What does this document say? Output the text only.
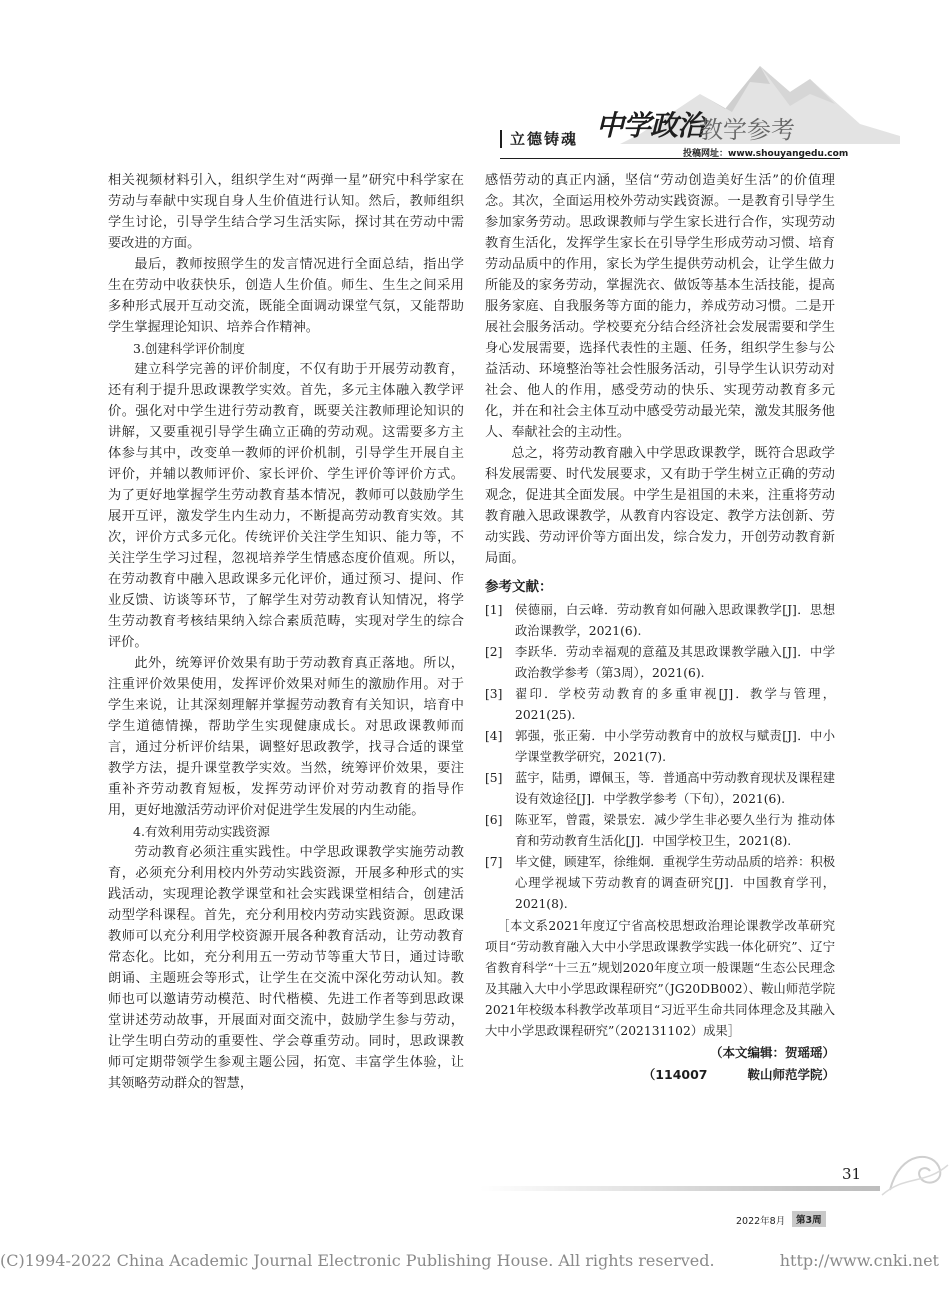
中学政治
教学参考
立德铸魂
投稿网址：www.shouyangedu.com

相关视频材料引入，组织学生对“两弹一星”研究中科学家在劳动与奉献中实现自身人生价值进行认知。然后，教师组织学生讨论，引导学生结合学习生活实际，探讨其在劳动中需要改进的方面。

最后，教师按照学生的发言情况进行全面总结，指出学生在劳动中收获快乐，创造人生价值。师生、生生之间采用多种形式展开互动交流，既能全面调动课堂气氛，又能帮助学生掌握理论知识、培养合作精神。

3.创建科学评价制度

建立科学完善的评价制度，不仅有助于开展劳动教育，还有利于提升思政课教学实效。首先，多元主体融入教学评价。强化对中学生进行劳动教育，既要关注教师理论知识的讲解，又要重视引导学生确立正确的劳动观。这需要多方主体参与其中，改变单一教师的评价机制，引导学生开展自主评价，并辅以教师评价、家长评价、学生评价等评价方式。为了更好地掌握学生劳动教育基本情况，教师可以鼓励学生展开互评，激发学生内生动力，不断提高劳动教育实效。其次，评价方式多元化。传统评价关注学生知识、能力等，不关注学生学习过程，忽视培养学生情感态度价值观。所以，在劳动教育中融入思政课多元化评价，通过预习、提问、作业反馈、访谈等环节，了解学生对劳动教育认知情况，将学生劳动教育考核结果纳入综合素质范畴，实现对学生的综合评价。

此外，统筹评价效果有助于劳动教育真正落地。所以，注重评价效果使用，发挥评价效果对师生的激励作用。对于学生来说，让其深刻理解并掌握劳动教育有关知识，培育中学生道德情操，帮助学生实现健康成长。对思政课教师而言，通过分析评价结果，调整好思政教学，找寻合适的课堂教学方法，提升课堂教学实效。当然，统筹评价效果，要注重补齐劳动教育短板，发挥劳动评价对劳动教育的指导作用，更好地激活劳动评价对促进学生发展的内生动能。

4.有效利用劳动实践资源

劳动教育必须注重实践性。中学思政课教学实施劳动教育，必须充分利用校内外劳动实践资源，开展多种形式的实践活动，实现理论教学课堂和社会实践课堂相结合，创建活动型学科课程。首先，充分利用校内劳动实践资源。思政课教师可以充分利用学校资源开展各种教育活动，让劳动教育常态化。比如，充分利用五一劳动节等重大节日，通过诗歌朗诵、主题班会等形式，让学生在交流中深化劳动认知。教师也可以邀请劳动模范、时代楷模、先进工作者等到思政课堂讲述劳动故事，开展面对面交流中，鼓励学生参与劳动，让学生明白劳动的重要性、学会尊重劳动。同时，思政课教师可定期带领学生参观主题公园，拓宽、丰富学生体验，让其领略劳动群众的智慧，

感悟劳动的真正内涵，坚信“劳动创造美好生活”的价值理念。其次，全面运用校外劳动实践资源。一是教育引导学生参加家务劳动。思政课教师与学生家长进行合作，实现劳动教育生活化，发挥学生家长在引导学生形成劳动习惯、培育劳动品质中的作用，家长为学生提供劳动机会，让学生做力所能及的家务劳动，掌握洗衣、做饭等基本生活技能，提高服务家庭、自我服务等方面的能力，养成劳动习惯。二是开展社会服务活动。学校要充分结合经济社会发展需要和学生身心发展需要，选择代表性的主题、任务，组织学生参与公益活动、环境整治等社会性服务活动，引导学生认识劳动对社会、他人的作用，感受劳动的快乐、实现劳动教育多元化，并在和社会主体互动中感受劳动最光荣，激发其服务他人、奉献社会的主动性。

总之，将劳动教育融入中学思政课教学，既符合思政学科发展需要、时代发展要求，又有助于学生树立正确的劳动观念，促进其全面发展。中学生是祖国的未来，注重将劳动教育融入思政课教学，从教育内容设定、教学方法创新、劳动实践、劳动评价等方面出发，综合发力，开创劳动教育新局面。

参考文献：
[1]	侯德丽，白云峰．劳动教育如何融入思政课教学[J]．思想政治课教学，2021(6).
[2]	李跃华．劳动幸福观的意蕴及其思政课教学融入[J]．中学政治教学参考（第3周），2021(6).
[3]	翟印．学校劳动教育的多重审视[J]．教学与管理，2021(25).
[4]	郭强，张正菊．中小学劳动教育中的放权与赋责[J]．中小学课堂教学研究，2021(7).
[5]	蓝宇，陆勇，谭佩玉，等．普通高中劳动教育现状及课程建设有效途径[J]．中学教学参考（下旬），2021(6).
[6]	陈亚军，曾霞，梁景宏．减少学生非必要久坐行为 推动体育和劳动教育生活化[J]．中国学校卫生，2021(8).
[7]	毕文健，顾建军，徐维炯．重视学生劳动品质的培养：积极心理学视域下劳动教育的调查研究[J]．中国教育学刊，2021(8).

［本文系2021年度辽宁省高校思想政治理论课教学改革研究项目“劳动教育融入大中小学思政课教学实践一体化研究”、辽宁省教育科学“十三五”规划2020年度立项一般课题“生态公民理念及其融入大中小学思政课程研究”（JG20DB002）、鞍山师范学院2021年校级本科教学改革项目“习近平生命共同体理念及其融入大中小学思政课程研究”（202131102）成果］

（本文编辑：贺瑶瑶）

（114007	鞍山师范学院）

31
2022年8月	第3周
(C)1994-2022 China Academic Journal Electronic Publishing House. All rights reserved.	http://www.cnki.net
